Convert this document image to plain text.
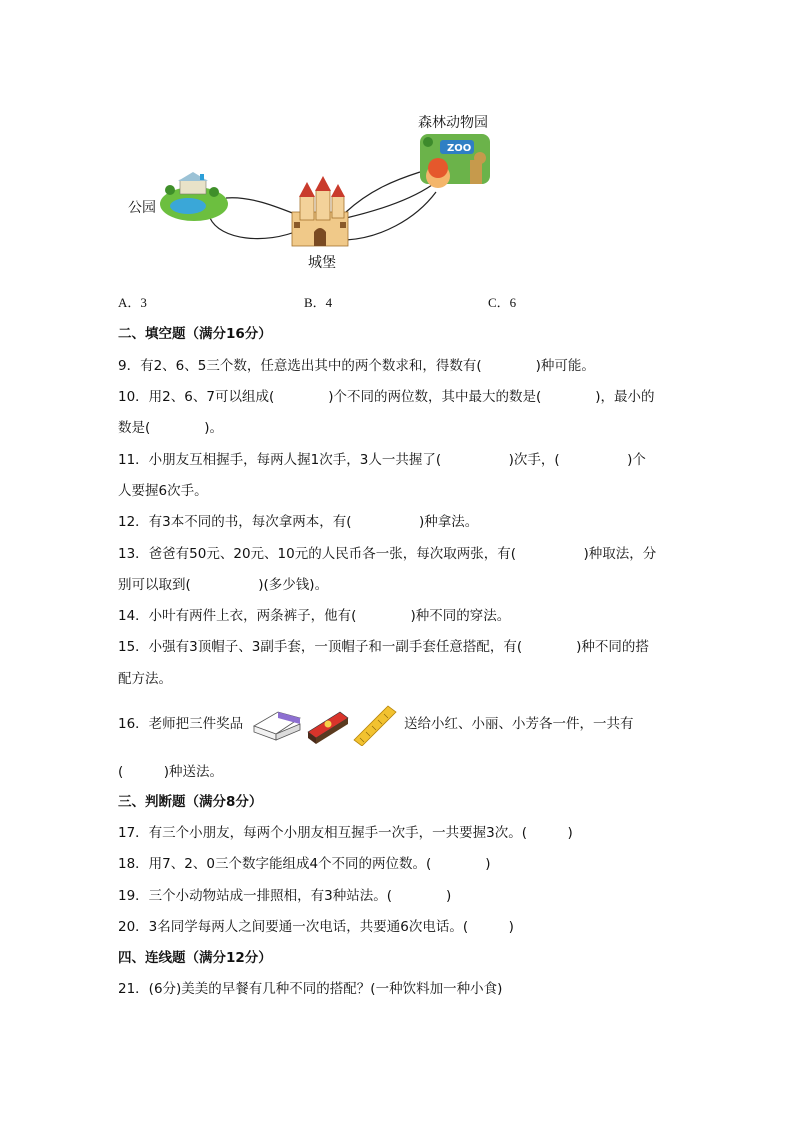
ZOO
森林动物园
公园
城堡
A．3	B．4	C．6
二、填空题（满分16分）
9．有2、6、5三个数，任意选出其中的两个数求和，得数有(　　　　)种可能。
10．用2、6、7可以组成(　　　　)个不同的两位数，其中最大的数是(　　　　)，最小的
数是(　　　　)。
11．小朋友互相握手，每两人握1次手，3人一共握了(　　　　　)次手，(　　　　　)个
人要握6次手。
12．有3本不同的书，每次拿两本，有(　　　　　)种拿法。
13．爸爸有50元、20元、10元的人民币各一张，每次取两张，有(　　　　　)种取法，分
别可以取到(　　　　　)(多少钱)。
14．小叶有两件上衣，两条裤子，他有(　　　　)种不同的穿法。
15．小强有3顶帽子、3副手套，一顶帽子和一副手套任意搭配，有(　　　　)种不同的搭
配方法。
16．老师把三件奖品	送给小红、小丽、小芳各一件，一共有
(　　　)种送法。
三、判断题（满分8分）
17．有三个小朋友，每两个小朋友相互握手一次手，一共要握3次。(　　　)
18．用7、2、0三个数字能组成4个不同的两位数。(　　　　)
19．三个小动物站成一排照相，有3种站法。(　　　　)
20．3名同学每两人之间要通一次电话，共要通6次电话。(　　　)
四、连线题（满分12分）
21．(6分)美美的早餐有几种不同的搭配？(一种饮料加一种小食)
